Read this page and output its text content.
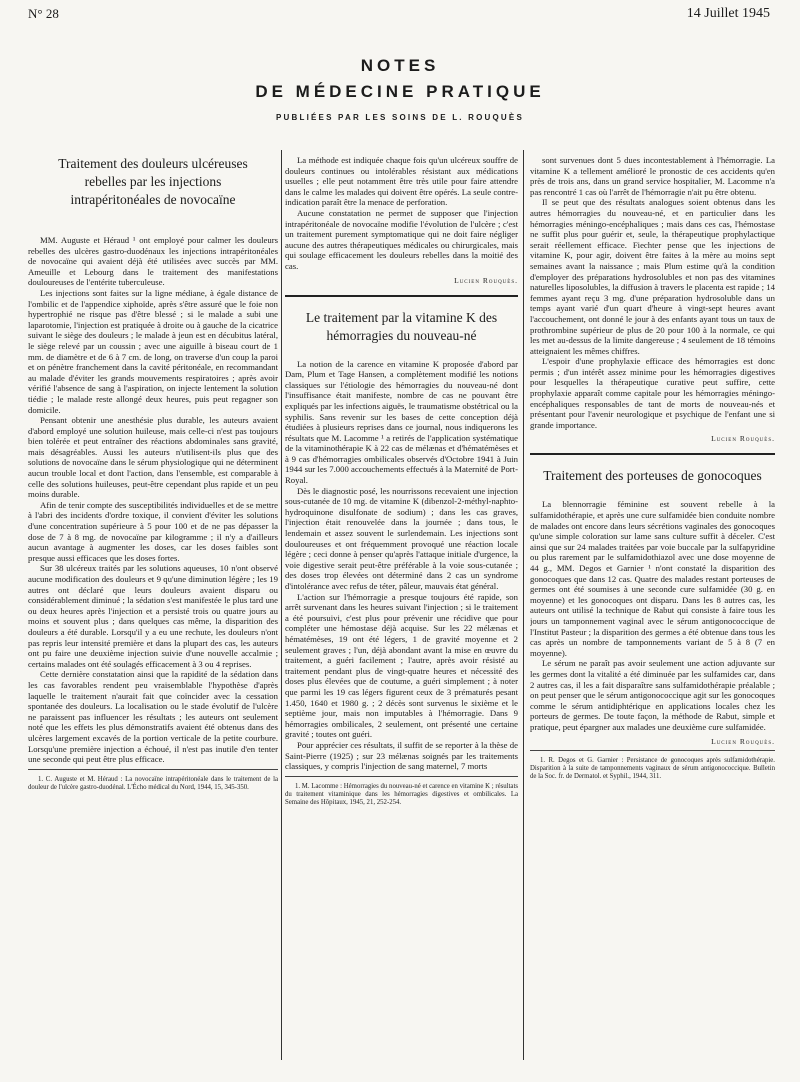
N° 28	14 Juillet 1945
NOTES
DE MÉDECINE PRATIQUE
PUBLIÉES PAR LES SOINS DE L. ROUQUÈS
Traitement des douleurs ulcéreuses rebelles par les injections intrapéritonéales de novocaïne

MM. Auguste et Héraud ¹ ont employé pour calmer les douleurs rebelles des ulcères gastro-duodénaux les injections intrapéritonéales de novocaïne qui avaient déjà été utilisées avec succès par MM. Ameuille et Lebourg dans le traitement des manifestations douloureuses de l'entérite tuberculeuse.

Les injections sont faites sur la ligne médiane, à égale distance de l'ombilic et de l'appendice xiphoïde, après s'être assuré que le foie non hypertrophié ne risque pas d'être blessé ; si le malade a subi une laparotomie, l'injection est pratiquée à droite ou à gauche de la cicatrice suivant le siège des douleurs ; le malade à jeun est en décubitus latéral, le siège relevé par un coussin ; avec une aiguille à biseau court de 1 mm. de diamètre et de 6 à 7 cm. de long, on traverse d'un coup la paroi et on pénètre franchement dans la cavité péritonéale, en recommandant au malade d'éviter les grands mouvements respiratoires ; après avoir vérifié l'absence de sang à l'aspiration, on injecte lentement la solution tiédie ; le malade reste allongé deux heures, puis peut regagner son domicile.

Pensant obtenir une anesthésie plus durable, les auteurs avaient d'abord employé une solution huileuse, mais celle-ci n'est pas toujours bien tolérée et peut entraîner des réactions abdominales sans gravité, mais désagréables. Aussi les auteurs n'utilisent-ils plus que des solutions de novocaïne dans le sérum physiologique qui ne déterminent aucun trouble local et dont l'action, dans l'ensemble, est comparable à celle des solutions huileuses, peut-être cependant plus rapide et un peu moins durable.

Afin de tenir compte des susceptibilités individuelles et de se mettre à l'abri des incidents d'ordre toxique, il convient d'éviter les solutions d'une concentration supérieure à 5 pour 100 et de ne pas dépasser la dose de 7 à 8 mg. de novocaïne par kilogramme ; il n'y a d'ailleurs aucun avantage à augmenter les doses, car les doses faibles sont presque aussi efficaces que les doses fortes.

Sur 38 ulcéreux traités par les solutions aqueuses, 10 n'ont observé aucune modification des douleurs et 9 qu'une diminution légère ; les 19 autres ont déclaré que leurs douleurs avaient disparu ou considérablement diminué ; la sédation s'est manifestée le plus tard une ou deux heures après l'injection et a persisté trois ou quatre jours au moins et souvent plus ; dans quelques cas même, la disparition des douleurs a été durable. Lorsqu'il y a eu une rechute, les douleurs n'ont pas repris leur intensité première et dans la plupart des cas, les auteurs ont pu faire une deuxième injection suivie d'une nouvelle accalmie ; certains malades ont été soulagés efficacement à 3 ou 4 reprises.

Cette dernière constatation ainsi que la rapidité de la sédation dans les cas favorables rendent peu vraisemblable l'hypothèse d'après laquelle le traitement n'aurait fait que coïncider avec la cessation spontanée des douleurs. La localisation ou le stade évolutif de l'ulcère ne paraissent pas influencer les résultats ; les auteurs ont seulement noté que les effets les plus démonstratifs avaient été obtenus dans des ulcères largement excavés de la portion verticale de la petite courbure. Lorsqu'une première injection a échoué, il n'est pas inutile d'en tenter une seconde qui peut être plus efficace.

1. C. Auguste et M. Héraud : La novocaïne intrapéritonéale dans le traitement de la douleur de l'ulcère gastro-duodénal. L'Écho médical du Nord, 1944, 15, 345-350.

La méthode est indiquée chaque fois qu'un ulcéreux souffre de douleurs continues ou intolérables résistant aux médications usuelles ; elle peut notamment être très utile pour faire attendre dans le calme les malades qui doivent être opérés. La seule contre-indication paraît être la menace de perforation.

Aucune constatation ne permet de supposer que l'injection intrapéritonéale de novocaïne modifie l'évolution de l'ulcère ; c'est un traitement purement symptomatique qui ne doit faire négliger aucune des autres thérapeutiques médicales ou chirurgicales, mais qui soulage efficacement les douleurs rebelles dans la moitié des cas.

Lucien Rouquès.
Le traitement par la vitamine K des hémorragies du nouveau-né

La notion de la carence en vitamine K proposée d'abord par Dam, Plum et Tage Hansen, a complètement modifié les notions classiques sur l'étiologie des hémorragies du nouveau-né dont l'insuffisance était manifeste, nombre de cas ne pouvant être expliqués par les infections aiguës, le traumatisme obstétrical ou la syphilis. Sans revenir sur les bases de cette conception déjà étudiées à plusieurs reprises dans ce journal, nous indiquerons les résultats que M. Lacomme ¹ a retirés de l'application systématique de la vitaminothérapie K à 22 cas de mélænas et d'hématémèses et à 9 cas d'hémorragies ombilicales observés d'Octobre 1941 à Juin 1944 sur les 7.000 accouchements effectués à la Maternité de Port-Royal.

Dès le diagnostic posé, les nourrissons recevaient une injection sous-cutanée de 10 mg. de vitamine K (dibenzol-2-méthyl-naphto-hydroquinone disulfonate de sodium) ; dans les cas graves, l'injection était renouvelée dans la journée ; dans tous, le lendemain et assez souvent le surlendemain. Les injections sont douloureuses et ont fréquemment provoqué une réaction locale légère ; ceci donne à penser qu'après l'attaque initiale d'urgence, la voie digestive serait peut-être préférable à la voie sous-cutanée ; des doses trop élevées ont déterminé dans 2 cas un syndrome d'intolérance avec refus de téter, pâleur, mauvais état général.

L'action sur l'hémorragie a presque toujours été rapide, son arrêt survenant dans les heures suivant l'injection ; si le traitement a été poursuivi, c'est plus pour prévenir une récidive que pour compléter une hémostase déjà acquise. Sur les 22 mélænas et hématémèses, 19 ont été légers, 1 de gravité moyenne et 2 seulement graves ; l'un, déjà abondant avant la mise en œuvre du traitement, a guéri facilement ; l'autre, après avoir résisté au traitement pendant plus de vingt-quatre heures et nécessité des doses plus élevées que de coutume, a guéri simplement ; à noter que parmi les 19 cas légers figurent ceux de 3 prématurés pesant 1.450, 1640 et 1980 g. ; 2 décès sont survenus le sixième et le septième jour, mais non imputables à l'hémorragie. Dans 9 hémorragies ombilicales, 2 seulement, ont présenté une certaine gravité ; toutes ont guéri.

Pour apprécier ces résultats, il suffit de se reporter à la thèse de Saint-Pierre (1925) ; sur 23 mélænas soignés par les traitements classiques, y compris l'injection de sang maternel, 7 morts

1. M. Lacomme : Hémorragies du nouveau-né et carence en vitamine K ; résultats du traitement vitaminique dans les hémorragies digestives et ombilicales. La Semaine des Hôpitaux, 1945, 21, 252-254.

sont survenues dont 5 dues incontestablement à l'hémorragie. La vitamine K a tellement amélioré le pronostic de ces accidents qu'en près de trois ans, dans un grand service hospitalier, M. Lacomme n'a pas rencontré 1 cas où l'arrêt de l'hémorragie n'ait pu être obtenu.

Il se peut que des résultats analogues soient obtenus dans les autres hémorragies du nouveau-né, et en particulier dans les hémorragies méningo-encéphaliques ; mais dans ces cas, l'hémostase ne suffit plus pour guérir et, seule, la thérapeutique prophylactique serait réellement efficace. Fiechter pense que les injections de vitamine K, pour agir, doivent être faites à la mère au moins sept semaines avant la naissance ; mais Plum estime qu'à la condition d'employer des préparations hydrosolubles et non pas des vitamines naturelles liposolubles, la diffusion à travers le placenta est rapide ; 14 femmes ayant reçu 3 mg. d'une préparation hydrosoluble dans un temps ayant varié d'un quart d'heure à vingt-sept heures avant l'accouchement, ont donné le jour à des enfants ayant tous un taux de prothrombine supérieur de plus de 20 pour 100 à la normale, ce qui les met au-dessus de la limite dangereuse ; 4 seulement de 18 témoins atteignaient les mêmes chiffres.

L'espoir d'une prophylaxie efficace des hémorragies est donc permis ; d'un intérêt assez minime pour les hémorragies digestives pour lesquelles la thérapeutique curative peut suffire, cette prophylaxie apparaît comme capitale pour les hémorragies méningo-encéphaliques responsables de tant de morts de nouveau-nés et présentant pour l'avenir neurologique et psychique de l'enfant une si grande importance.

Lucien Rouquès.
Traitement des porteuses de gonocoques

La blennorragie féminine est souvent rebelle à la sulfamidothérapie, et après une cure sulfamidée bien conduite nombre de malades ont encore dans leurs sécrétions vaginales des gonocoques qu'une simple coloration sur lame sans culture suffit à déceler. C'est ainsi que sur 24 malades traitées par voie buccale par la sulfapyridine ou plus rarement par le sulfamidothiazol avec une dose moyenne de 44 g., MM. Degos et Garnier ¹ n'ont constaté la disparition des gonocoques que dans 12 cas. Quatre des malades restant porteuses de germes ont été soumises à une seconde cure sulfamidée (30 g. en moyenne) et les gonocoques ont disparu. Dans les 8 autres cas, les auteurs ont utilisé la technique de Rabut qui consiste à faire tous les jours un tamponnement vaginal avec le sérum antigonococcique de l'Institut Pasteur ; la disparition des germes a été obtenue dans tous les cas après un nombre de tamponnements variant de 5 à 8 (7 en moyenne).

Le sérum ne paraît pas avoir seulement une action adjuvante sur les germes dont la vitalité a été diminuée par les sulfamides car, dans 2 autres cas, il les a fait disparaître sans sulfamidothérapie préalable ; on peut penser que le sérum antigonococcique agit sur les gonocoques comme le sérum antidiphtérique en applications locales chez les porteurs de germes. De toute façon, la méthode de Rabut, simple et pratique, peut épargner aux malades une deuxième cure sulfamidée.

Lucien Rouquès.

1. R. Degos et G. Garnier : Persistance de gonocoques après sulfamidothérapie. Disparition à la suite de tamponnements vaginaux de sérum antigonococcique. Bulletin de la Soc. fr. de Dermatol. et Syphil., 1944, 311.
